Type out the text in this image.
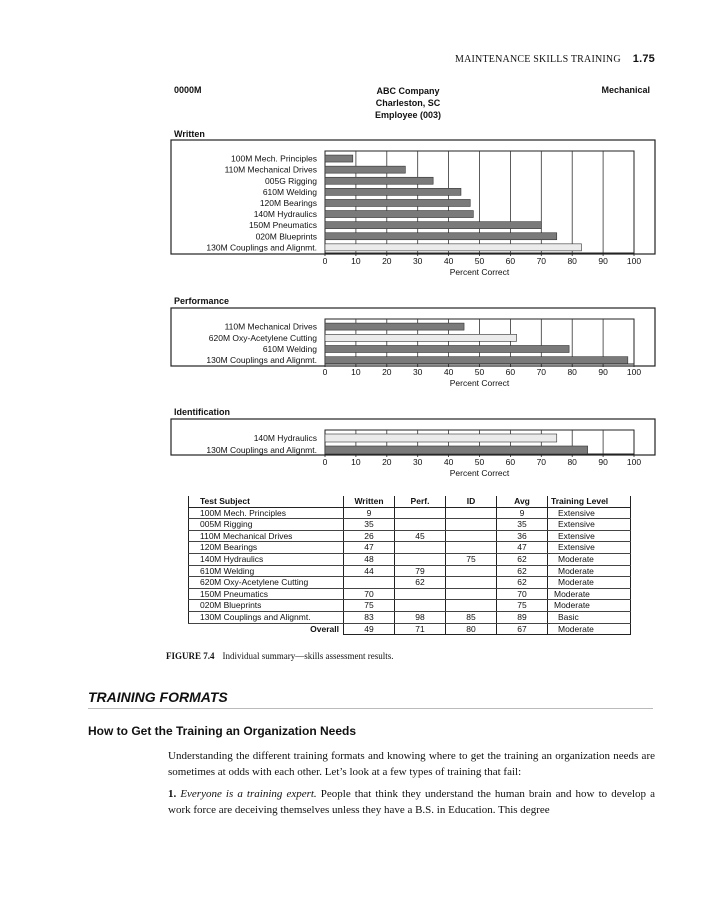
MAINTENANCE SKILLS TRAINING 1.75
0000M	Mechanical
ABC Company
Charleston, SC
Employee (003)
Written
0	10	20	30	40	50	60	70	80	90 100
Percent Correct
100M Mech. Principles
110M Mechanical Drives
005G Rigging
610M Welding
120M Bearings
140M Hydraulics
150M Pneumatics
020M Blueprints
130M Couplings and Alignmt.
0	10	20	30	40	50	60	70	80	90 100
Percent Correct
110M Mechanical Drives
620M Oxy-Acetylene Cutting
610M Welding
130M Couplings and Alignmt.
0	10	20	30	40	50	60	70	80	90 100
Percent Correct
140M Hydraulics
130M Couplings and Alignmt.
Performance
Identification
Test Subject	Written	Perf.	ID	Avg	Training Level
100M Mech. Principles	9			9	Extensive
005M Rigging	35			35	Extensive
110M Mechanical Drives	26	45		36	Extensive
120M Bearings	47			47	Extensive
140M Hydraulics	48		75	62	Moderate
610M Welding	44	79		62	Moderate
620M Oxy-Acetylene Cutting		62		62	Moderate
150M Pneumatics	70			70	Moderate
020M Blueprints	75			75	Moderate
130M Couplings and Alignmt.	83	98	85	89	Basic
Overall	49	71	80	67	Moderate
FIGURE 7.4 Individual summary—skills assessment results.
TRAINING FORMATS
How to Get the Training an Organization Needs
Understanding the different training formats and knowing where to get the training an organization needs are sometimes at odds with each other. Let’s look at a few types of training that fail:
1. Everyone is a training expert. People that think they understand the human brain and how to develop a work force are deceiving themselves unless they have a B.S. in Education. This degree
